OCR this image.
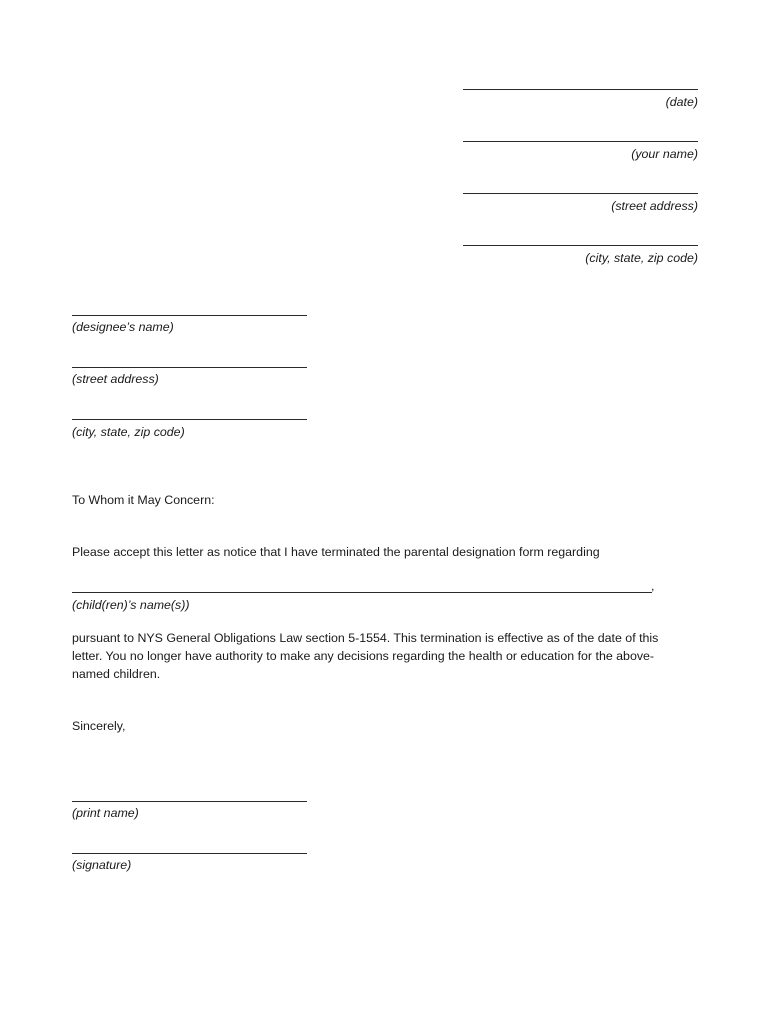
(date)
(your name)
(street address)
(city, state, zip code)
(designee’s name)
(street address)
(city, state, zip code)
To Whom it May Concern:
Please accept this letter as notice that I have terminated the parental designation form regarding
,
(child(ren)’s name(s))
pursuant to NYS General Obligations Law section 5-1554. This termination is effective as of the date of this letter. You no longer have authority to make any decisions regarding the health or education for the above-named children.
Sincerely,
(print name)
(signature)
